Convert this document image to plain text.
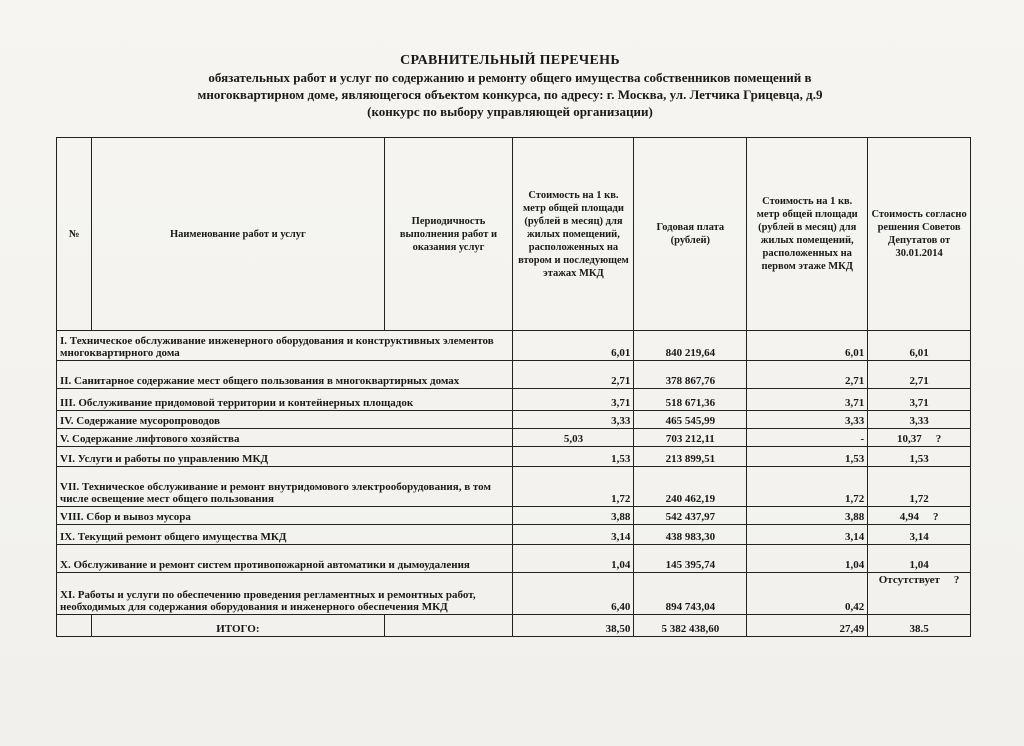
СРАВНИТЕЛЬНЫЙ ПЕРЕЧЕНЬ
обязательных работ и услуг по содержанию и ремонту общего имущества собственников помещений в
многоквартирном доме, являющегося объектом конкурса, по адресу: г. Москва, ул. Летчика Грицевца, д.9
(конкурс по выбору управляющей организации)
№	Наименование работ и услуг	Периодичность выполнения работ и оказания услуг	Стоимость на 1 кв. метр общей площади (рублей в месяц) для жилых помещений, расположенных на втором и последующем этажах МКД	Годовая плата (рублей)	Стоимость на 1 кв. метр общей площади (рублей в месяц) для жилых помещений, расположенных на первом этаже МКД	Стоимость согласно решения Советов Депутатов от 30.01.2014
I. Техническое обслуживание инженерного оборудования и конструктивных элементов многоквартирного дома			6,01	840 219,64	6,01	6,01
II. Санитарное содержание мест общего пользования в многоквартирных домах			2,71	378 867,76	2,71	2,71
III. Обслуживание придомовой территории и контейнерных площадок			3,71	518 671,36	3,71	3,71
IV. Содержание мусоропроводов			3,33	465 545,99	3,33	3,33
V. Содержание лифтового хозяйства			5,03	703 212,11	-	10,37 ?
VI. Услуги и работы по управлению МКД			1,53	213 899,51	1,53	1,53
VII. Техническое обслуживание и ремонт внутридомового электрооборудования, в том числе освещение мест общего пользования			1,72	240 462,19	1,72	1,72
VIII. Сбор и вывоз мусора			3,88	542 437,97	3,88	4,94 ?
IX. Текущий ремонт общего имущества МКД			3,14	438 983,30	3,14	3,14
X. Обслуживание и ремонт систем противопожарной автоматики и дымоудаления			1,04	145 395,74	1,04	1,04
XI. Работы и услуги по обеспечению проведения регламентных и ремонтных работ, необходимых для содержания оборудования и инженерного обеспечения МКД			6,40	894 743,04	0,42	Отсутствует ?
	ИТОГО:		38,50	5 382 438,60	27,49	38.5
